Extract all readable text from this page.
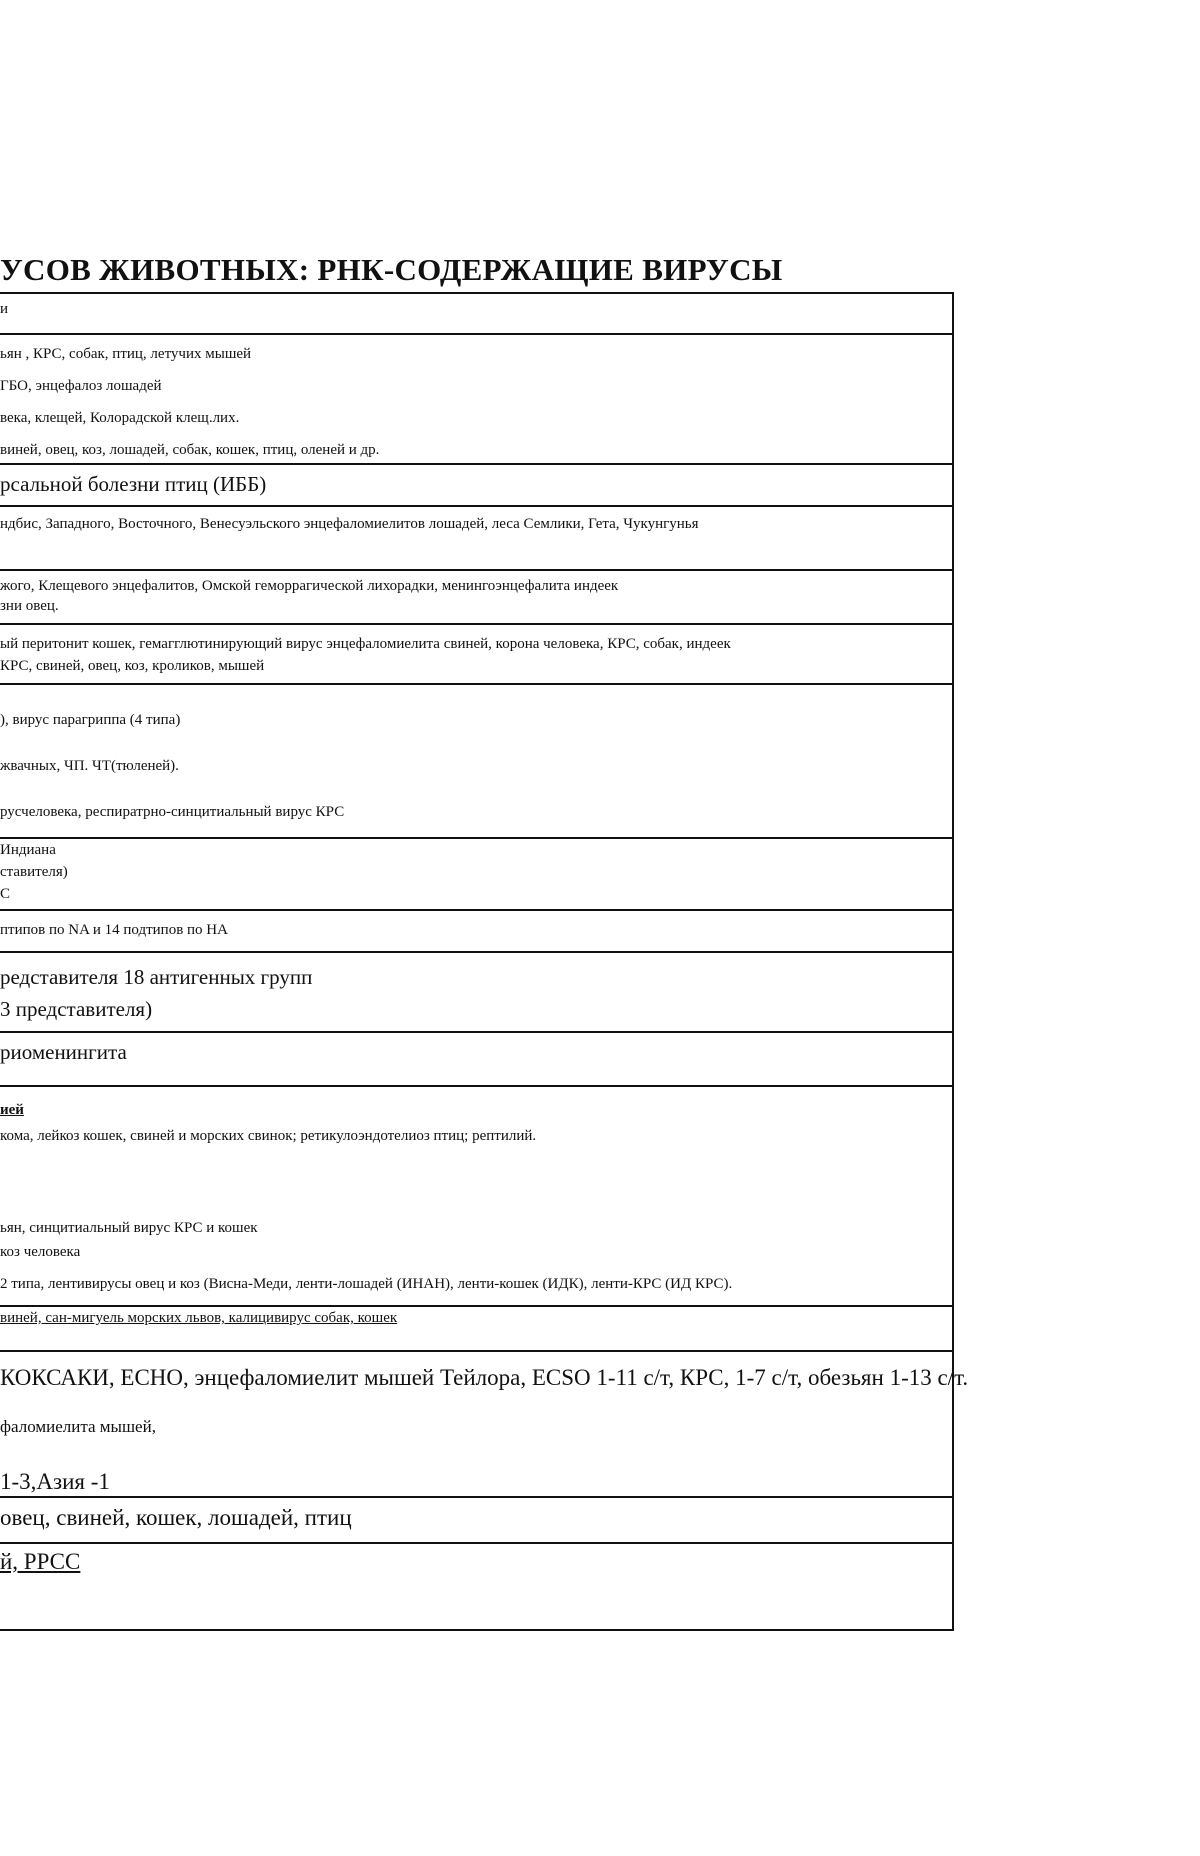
УСОВ ЖИВОТНЫХ: РНК-СОДЕРЖАЩИЕ ВИРУСЫ
и
ьян , КРС, собак, птиц, летучих мышей
ГБО, энцефалоз лошадей
века, клещей, Колорадской клещ.лих.
виней, овец, коз, лошадей, собак, кошек, птиц, оленей и др.
рсальной болезни птиц (ИББ)
ндбис, Западного, Восточного, Венесуэльского энцефаломиелитов лошадей, леса Семлики, Гета, Чукунгунья
жого, Клещевого энцефалитов, Омской геморрагической лихорадки, менингоэнцефалита индеек
зни овец.
ый перитонит кошек, гемагглютинирующий вирус энцефаломиелита свиней, корона человека, КРС, собак, индеек
КРС, свиней, овец, коз, кроликов, мышей
), вирус парагриппа (4 типа)
жвачных, ЧП. ЧТ(тюленей).
русчеловека, респиратрно-синцитиальный вирус КРС
Индиана
ставителя)
С
птипов по NA и 14 подтипов по НА
редставителя 18 антигенных групп
3 представителя)
риоменингита
ией
кома, лейкоз кошек, свиней и морских свинок; ретикулоэндотелиоз птиц; рептилий.
ьян, синцитиальный вирус КРС и кошек
коз человека
2 типа, лентивирусы овец и коз (Висна-Меди, ленти-лошадей (ИНАН), ленти-кошек (ИДК), ленти-КРС (ИД КРС).
виней, сан-мигуель морских львов, калицивирус собак, кошек
КОКСАКИ, ЕСНО, энцефаломиелит мышей Тейлора, ECSO 1-11 с/т, КРС, 1-7 с/т, обезьян 1-13 с/т.
фаломиелита мышей,
1-3,Азия -1
овец, свиней, кошек, лошадей, птиц
й, РРСС
